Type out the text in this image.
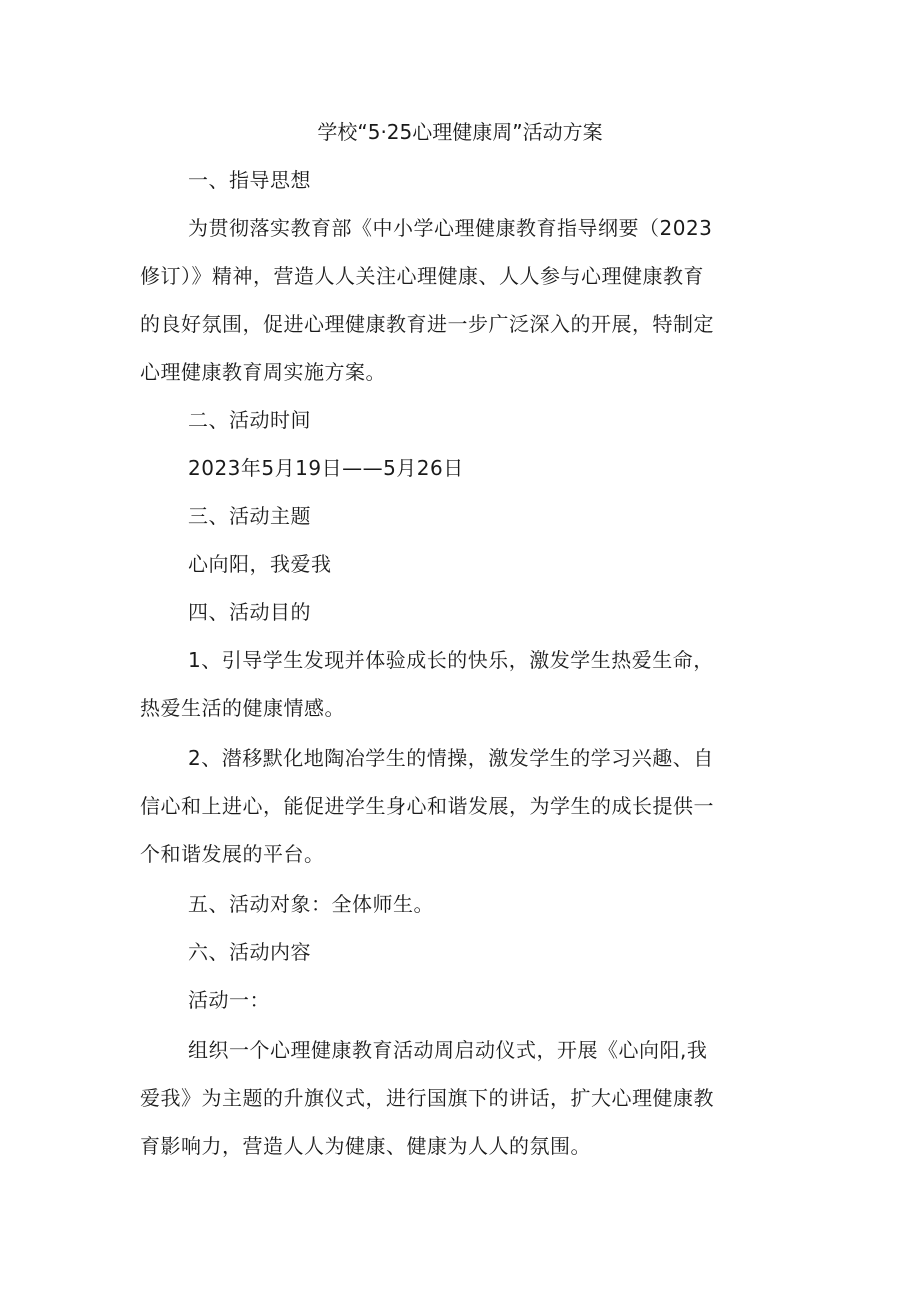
学校“5·25心理健康周”活动方案
一、指导思想
为贯彻落实教育部《中小学心理健康教育指导纲要（2023
修订）》精神，营造人人关注心理健康、人人参与心理健康教育
的良好氛围，促进心理健康教育进一步广泛深入的开展，特制定
心理健康教育周实施方案。
二、活动时间
2023年5月19日——5月26日
三、活动主题
心向阳，我爱我
四、活动目的
1、引导学生发现并体验成长的快乐，激发学生热爱生命，
热爱生活的健康情感。
2、潜移默化地陶冶学生的情操，激发学生的学习兴趣、自
信心和上进心，能促进学生身心和谐发展，为学生的成长提供一
个和谐发展的平台。
五、活动对象：全体师生。
六、活动内容
活动一：
组织一个心理健康教育活动周启动仪式，开展《心向阳,我
爱我》为主题的升旗仪式，进行国旗下的讲话，扩大心理健康教
育影响力，营造人人为健康、健康为人人的氛围。
